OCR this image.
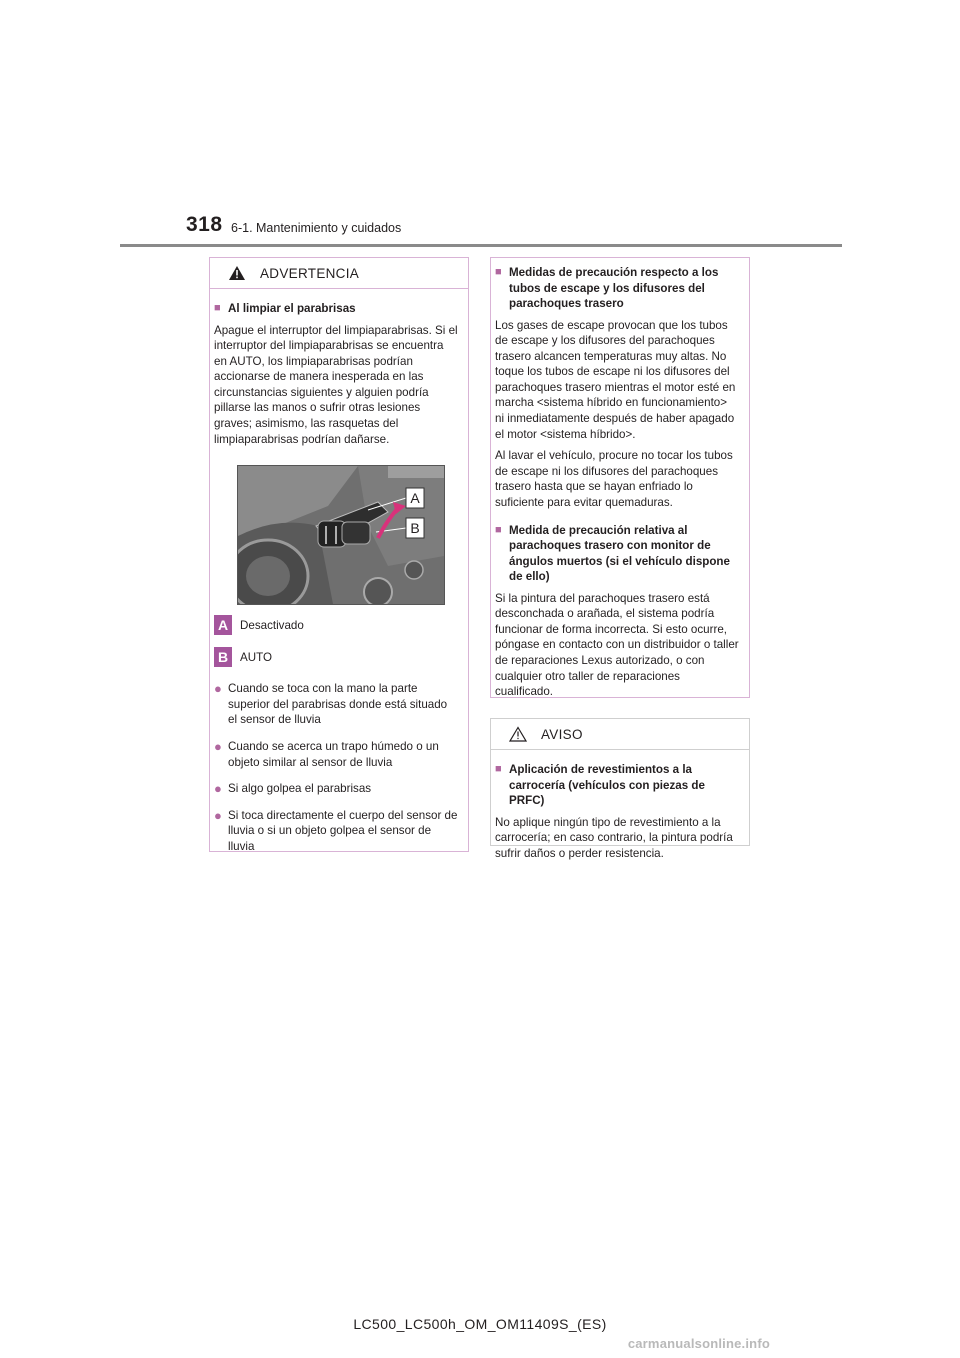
318 6-1. Mantenimiento y cuidados
ADVERTENCIA
■ Al limpiar el parabrisas
Apague el interruptor del limpiaparabrisas. Si el interruptor del limpiaparabrisas se encuentra en AUTO, los limpiaparabrisas podrían accionarse de manera inesperada en las circunstancias siguientes y alguien podría pillarse las manos o sufrir otras lesiones graves; asimismo, las rasquetas del limpiaparabrisas podrían dañarse.
A
B
A	Desactivado
B	AUTO
● Cuando se toca con la mano la parte superior del parabrisas donde está situado el sensor de lluvia
● Cuando se acerca un trapo húmedo o un objeto similar al sensor de lluvia
● Si algo golpea el parabrisas
● Si toca directamente el cuerpo del sensor de lluvia o si un objeto golpea el sensor de lluvia
■ Medidas de precaución respecto a los tubos de escape y los difusores del parachoques trasero
Los gases de escape provocan que los tubos de escape y los difusores del parachoques trasero alcancen temperaturas muy altas. No toque los tubos de escape ni los difusores del parachoques trasero mientras el motor esté en marcha <sistema híbrido en funcionamiento> ni inmediatamente después de haber apagado el motor <sistema híbrido>.
Al lavar el vehículo, procure no tocar los tubos de escape ni los difusores del parachoques trasero hasta que se hayan enfriado lo suficiente para evitar quemaduras.
■ Medida de precaución relativa al parachoques trasero con monitor de ángulos muertos (si el vehículo dispone de ello)
Si la pintura del parachoques trasero está desconchada o arañada, el sistema podría funcionar de forma incorrecta. Si esto ocurre, póngase en contacto con un distribuidor o taller de reparaciones Lexus autorizado, o con cualquier otro taller de reparaciones cualificado.
AVISO
■ Aplicación de revestimientos a la carrocería (vehículos con piezas de PRFC)
No aplique ningún tipo de revestimiento a la carrocería; en caso contrario, la pintura podría sufrir daños o perder resistencia.
LC500_LC500h_OM_OM11409S_(ES)
carmanualsonline.info
